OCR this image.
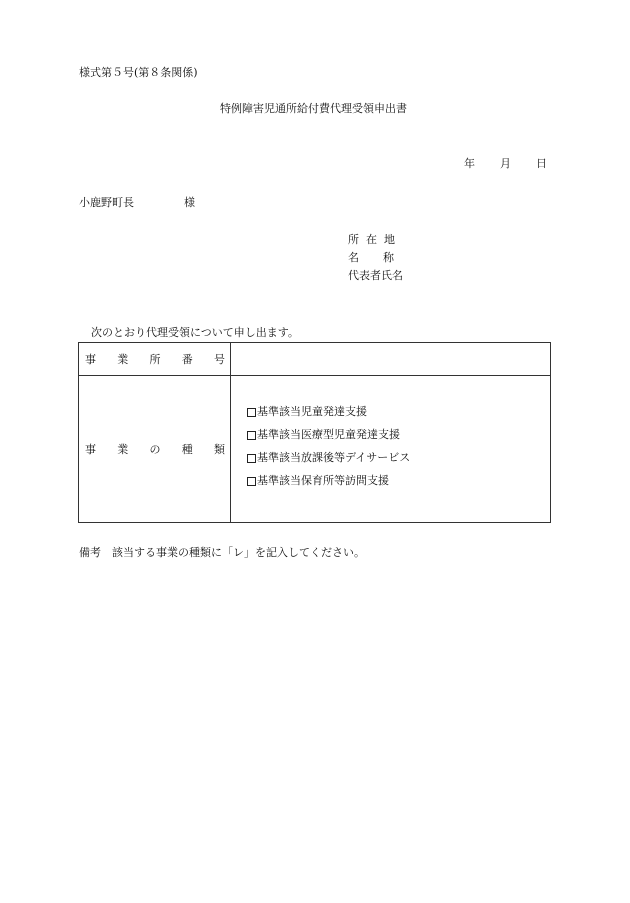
様式第５号(第８条関係)
特例障害児通所給付費代理受領申出書
年 月 日
小鹿野町長	様
所在地
名称
代表者氏名
次のとおり代理受領について申し出ます。
事 業 所 番 号
事 業 の 種 類
基準該当児童発達支援
基準該当医療型児童発達支援
基準該当放課後等デイサービス
基準該当保育所等訪問支援
備考　該当する事業の種類に「レ」を記入してください。
